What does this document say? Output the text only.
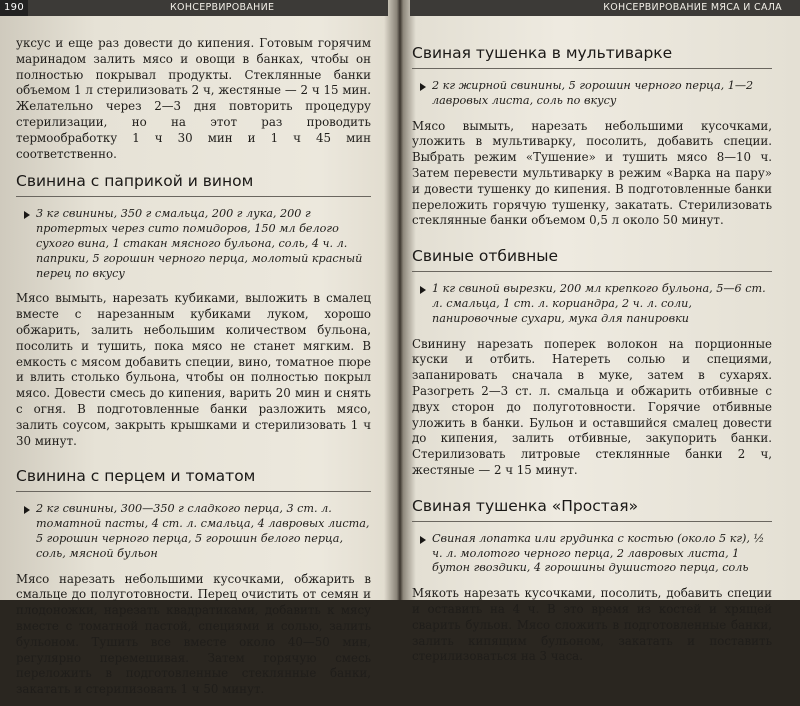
190	КОНСЕРВИРОВАНИЕ

уксус и еще раз довести до кипения. Готовым горячим маринадом залить мясо и овощи в банках, чтобы он полностью покрывал продукты. Стеклянные банки объемом 1 л стерилизовать 2 ч, жестяные — 2 ч 15 мин. Желательно через 2—3 дня повторить процедуру стерилизации, но на этот раз проводить термообработку 1 ч 30 мин и 1 ч 45 мин соответственно.

Свинина с паприкой и вином
3 кг свинины, 350 г смальца, 200 г лука, 200 г протертых через сито помидоров, 150 мл белого сухого вина, 1 стакан мясного бульона, соль, 4 ч. л. паприки, 5 горошин черного перца, молотый красный перец по вкусу

Мясо вымыть, нарезать кубиками, выложить в смалец вместе с нарезанным кубиками луком, хорошо обжарить, залить небольшим количеством бульона, посолить и тушить, пока мясо не станет мягким. В емкость с мясом добавить специи, вино, томатное пюре и влить столько бульона, чтобы он полностью покрыл мясо. Довести смесь до кипения, варить 20 мин и снять с огня. В подготовленные банки разложить мясо, залить соусом, закрыть крышками и стерилизовать 1 ч 30 минут.

Свинина с перцем и томатом
2 кг свинины, 300—350 г сладкого перца, 3 ст. л. томатной пасты, 4 ст. л. смальца, 4 лавровых листа, 5 горошин черного перца, 5 горошин белого перца, соль, мясной бульон

Мясо нарезать небольшими кусочками, обжарить в смальце до полуготовности. Перец очистить от семян и плодоножки, нарезать квадратиками, добавить к мясу вместе с томатной пастой, специями и солью, залить бульоном. Тушить все вместе около 40—50 мин, регулярно перемешивая. Затем горячую смесь переложить в подготовленные стеклянные банки, закатать и стерилизовать 1 ч 50 минут.

КОНСЕРВИРОВАНИЕ МЯСА И САЛА
Свиная тушенка в мультиварке
2 кг жирной свинины, 5 горошин черного перца, 1—2 лавровых листа, соль по вкусу

Мясо вымыть, нарезать небольшими кусочками, уложить в мультиварку, посолить, добавить специи. Выбрать режим «Тушение» и тушить мясо 8—10 ч. Затем перевести мультиварку в режим «Варка на пару» и довести тушенку до кипения. В подготовленные банки переложить горячую тушенку, закатать. Стерилизовать стеклянные банки объемом 0,5 л около 50 минут.

Свиные отбивные
1 кг свиной вырезки, 200 мл крепкого бульона, 5—6 ст. л. смальца, 1 ст. л. кориандра, 2 ч. л. соли, панировочные сухари, мука для панировки

Свинину нарезать поперек волокон на порционные куски и отбить. Натереть солью и специями, запанировать сначала в муке, затем в сухарях. Разогреть 2—3 ст. л. смальца и обжарить отбивные с двух сторон до полуготовности. Горячие отбивные уложить в банки. Бульон и оставшийся смалец довести до кипения, залить отбивные, закупорить банки. Стерилизовать литровые стеклянные банки 2 ч, жестяные — 2 ч 15 минут.

Свиная тушенка «Простая»
Свиная лопатка или грудинка с костью (около 5 кг), ½ ч. л. молотого черного перца, 2 лавровых листа, 1 бутон гвоздики, 4 горошины душистого перца, соль

Мякоть нарезать кусочками, посолить, добавить специи и оставить на 4 ч. В это время из костей и хрящей сварить бульон. Мясо сложить в подготовленные банки, залить кипящим бульоном, закатать и поставить стерилизоваться на 3 часа.
